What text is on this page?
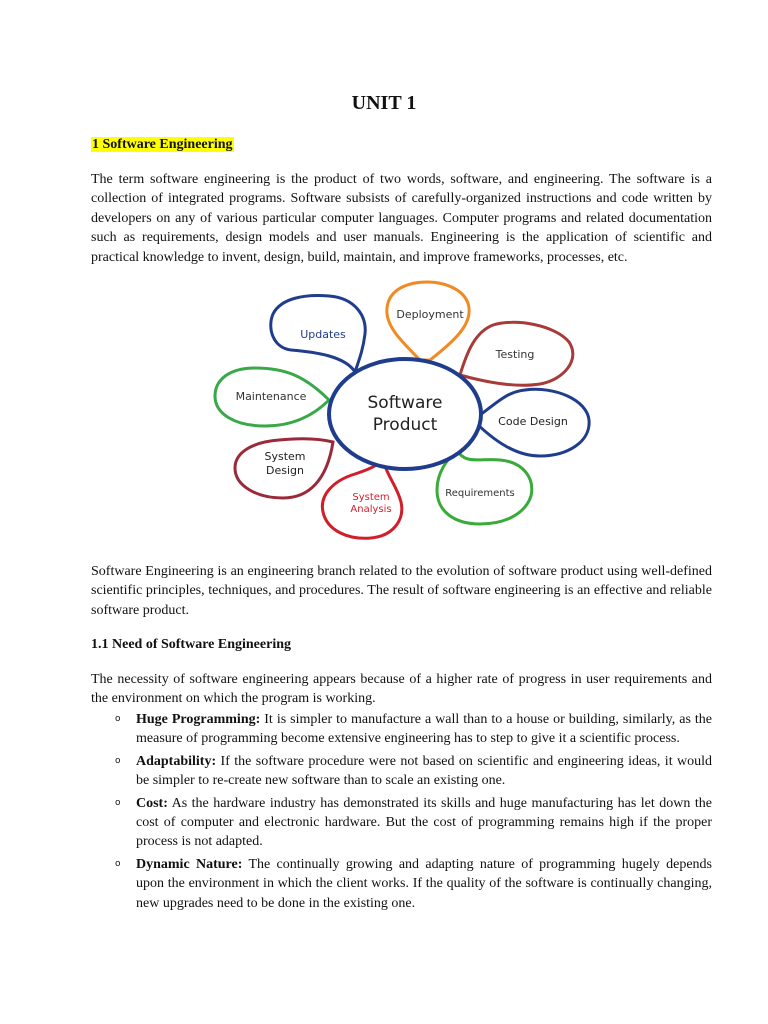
UNIT 1

1 Software Engineering

The term software engineering is the product of two words, software, and engineering. The software is a collection of integrated programs. Software subsists of carefully-organized instructions and code written by developers on any of various particular computer languages. Computer programs and related documentation such as requirements, design models and user manuals. Engineering is the application of scientific and practical knowledge to invent, design, build, maintain, and improve frameworks, processes, etc.

Deployment
Testing
Code Design
Requirements
System
Analysis
System
Design
Maintenance
Updates
Software
Product

Software Engineering is an engineering branch related to the evolution of software product using well-defined scientific principles, techniques, and procedures. The result of software engineering is an effective and reliable software product.

1.1 Need of Software Engineering

The necessity of software engineering appears because of a higher rate of progress in user requirements and the environment on which the program is working.

o Huge Programming: It is simpler to manufacture a wall than to a house or building, similarly, as the measure of programming become extensive engineering has to step to give it a scientific process.
o Adaptability: If the software procedure were not based on scientific and engineering ideas, it would be simpler to re-create new software than to scale an existing one.
o Cost: As the hardware industry has demonstrated its skills and huge manufacturing has let down the cost of computer and electronic hardware. But the cost of programming remains high if the proper process is not adapted.
o Dynamic Nature: The continually growing and adapting nature of programming hugely depends upon the environment in which the client works. If the quality of the software is continually changing, new upgrades need to be done in the existing one.
